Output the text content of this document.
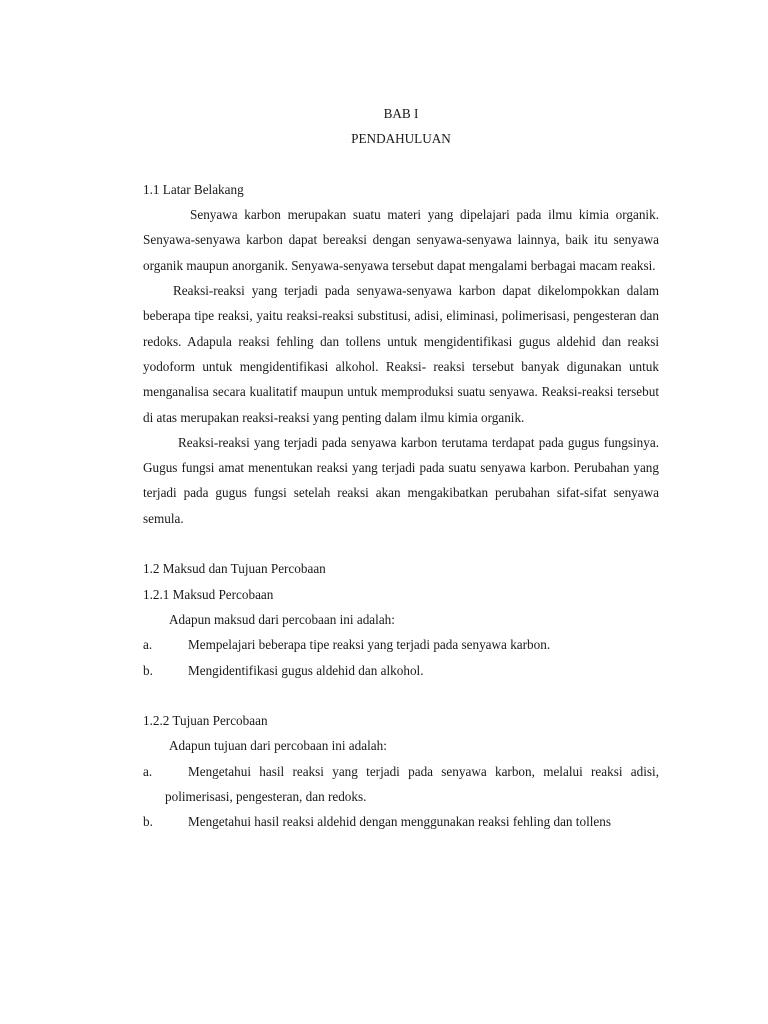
BAB I
PENDAHULUAN
1.1 Latar Belakang

Senyawa karbon merupakan suatu materi yang dipelajari pada ilmu kimia organik. Senyawa-senyawa karbon dapat bereaksi dengan senyawa-senyawa lainnya, baik itu senyawa organik maupun anorganik. Senyawa-senyawa tersebut dapat mengalami berbagai macam reaksi.

Reaksi-reaksi yang terjadi pada senyawa-senyawa karbon dapat dikelompokkan dalam beberapa tipe reaksi, yaitu reaksi-reaksi substitusi, adisi, eliminasi, polimerisasi, pengesteran dan redoks. Adapula reaksi fehling dan tollens untuk mengidentifikasi gugus aldehid dan reaksi yodoform untuk mengidentifikasi alkohol. Reaksi- reaksi tersebut banyak digunakan untuk menganalisa secara kualitatif maupun untuk memproduksi suatu senyawa. Reaksi-reaksi tersebut di atas merupakan reaksi-reaksi yang penting dalam ilmu kimia organik.

Reaksi-reaksi yang terjadi pada senyawa karbon terutama terdapat pada gugus fungsinya. Gugus fungsi amat menentukan reaksi yang terjadi pada suatu senyawa karbon. Perubahan yang terjadi pada gugus fungsi setelah reaksi akan mengakibatkan perubahan sifat-sifat senyawa semula.

1.2 Maksud dan Tujuan Percobaan
1.2.1 Maksud Percobaan
Adapun maksud dari percobaan ini adalah:
a.	Mempelajari beberapa tipe reaksi yang terjadi pada senyawa karbon.
b.	Mengidentifikasi gugus aldehid dan alkohol.
1.2.2 Tujuan Percobaan
Adapun tujuan dari percobaan ini adalah:
a.	Mengetahui hasil reaksi yang terjadi pada senyawa karbon, melalui reaksi adisi, polimerisasi, pengesteran, dan redoks.
b.	Mengetahui hasil reaksi aldehid dengan menggunakan reaksi fehling dan tollens
